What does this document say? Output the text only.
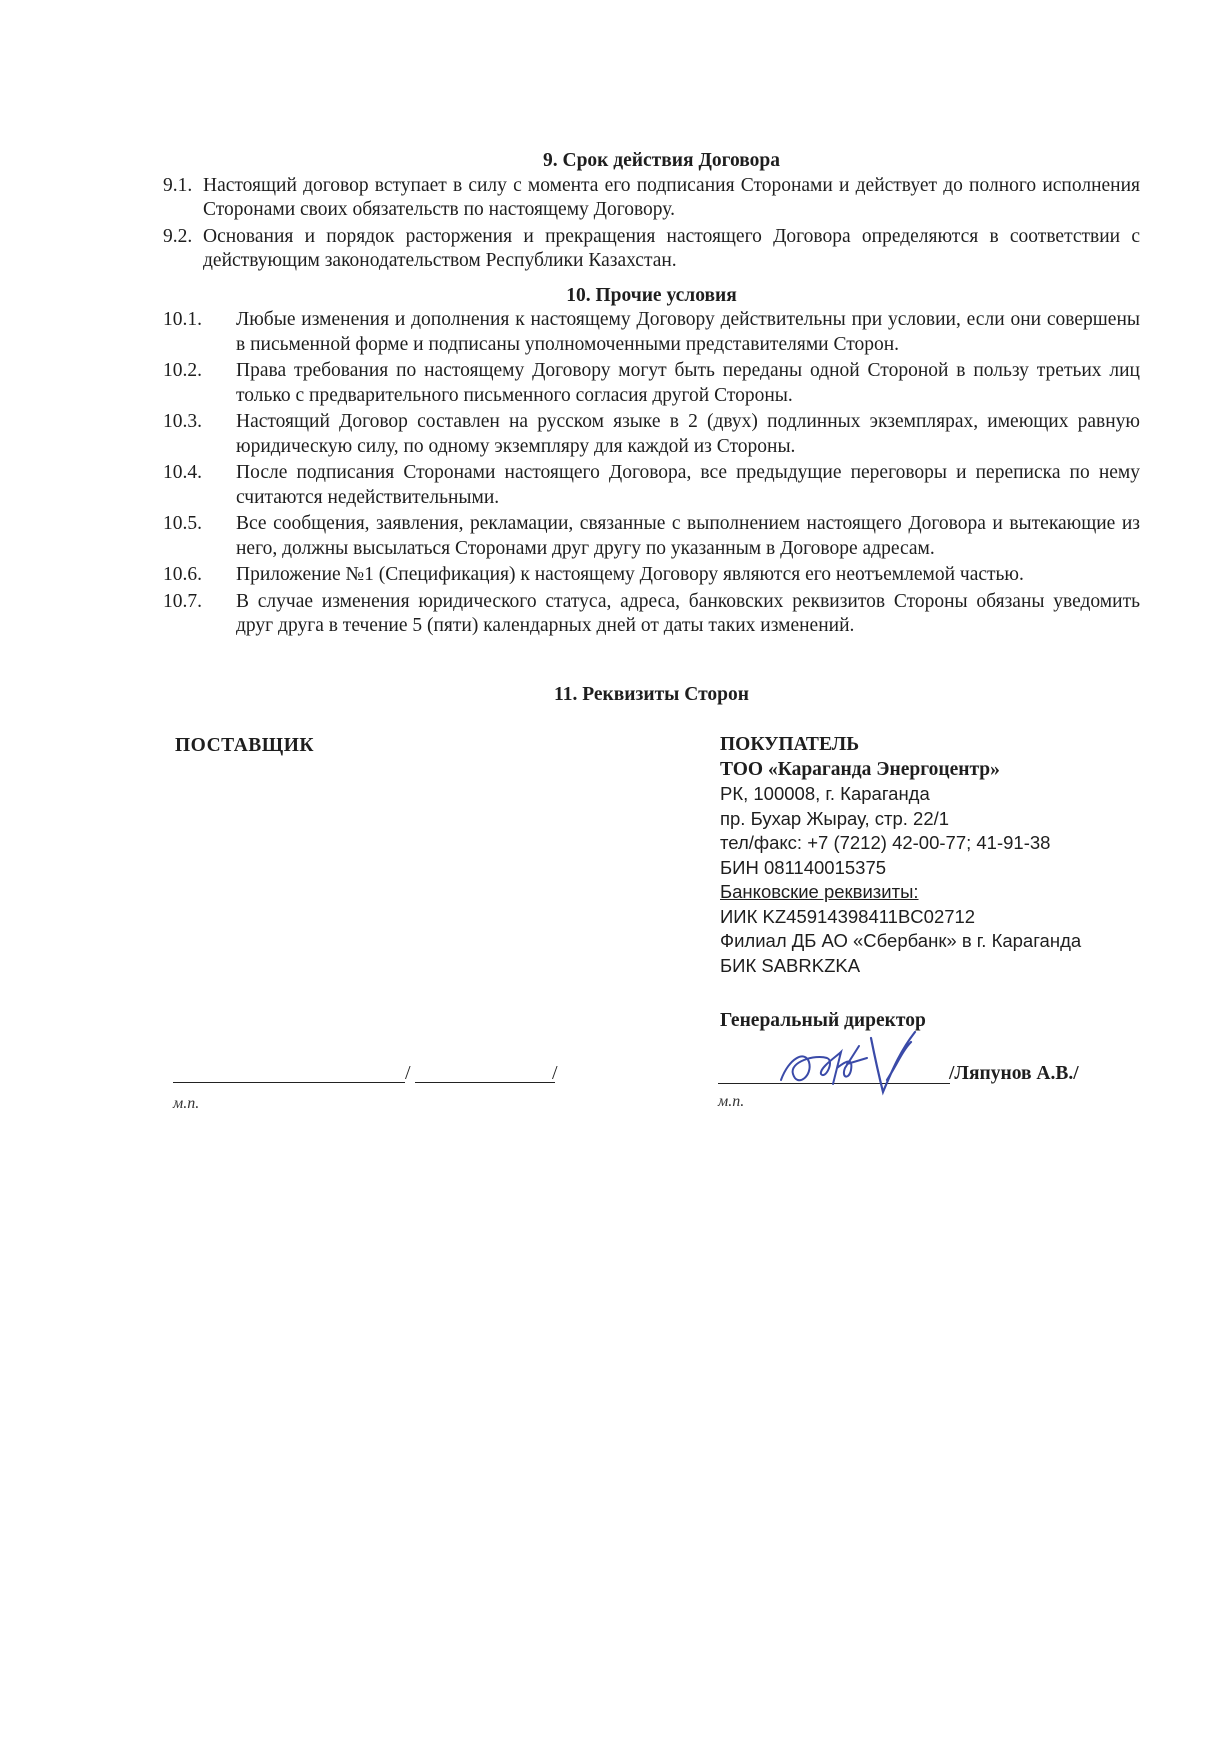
9. Срок действия Договора

9.1. Настоящий договор вступает в силу с момента его подписания Сторонами и действует до полного исполнения Сторонами своих обязательств по настоящему Договору.
9.2. Основания и порядок расторжения и прекращения настоящего Договора определяются в соответствии с действующим законодательством Республики Казахстан.

10. Прочие условия

10.1.	Любые изменения и дополнения к настоящему Договору действительны при условии, если они совершены в письменной форме и подписаны уполномоченными представителями Сторон.
10.2.	Права требования по настоящему Договору могут быть переданы одной Стороной в пользу третьих лиц только с предварительного письменного согласия другой Стороны.
10.3.	Настоящий Договор составлен на русском языке в 2 (двух) подлинных экземплярах, имеющих равную юридическую силу, по одному экземпляру для каждой из Стороны.
10.4.	После подписания Сторонами настоящего Договора, все предыдущие переговоры и переписка по нему считаются недействительными.
10.5.	Все сообщения, заявления, рекламации, связанные с выполнением настоящего Договора и вытекающие из него, должны высылаться Сторонами друг другу по указанным в Договоре адресам.
10.6.	Приложение №1 (Спецификация) к настоящему Договору являются его неотъемлемой частью.
10.7.	В случае изменения юридического статуса, адреса, банковских реквизитов Стороны обязаны уведомить друг друга в течение 5 (пяти) календарных дней от даты таких изменений.
11. Реквизиты Сторон
ПОСТАВЩИК
/	/
м.п.
ПОКУПАТЕЛЬ
ТОО «Караганда Энергоцентр»
РК, 100008, г. Караганда
пр. Бухар Жырау, стр. 22/1
тел/факс: +7 (7212) 42-00-77; 41-91-38
БИН 081140015375
Банковские реквизиты:
ИИК KZ45914398411BC02712
Филиал ДБ АО «Сбербанк» в г. Караганда
БИК SABRKZKA
Генеральный директор
/Ляпунов А.В./
м.п.
